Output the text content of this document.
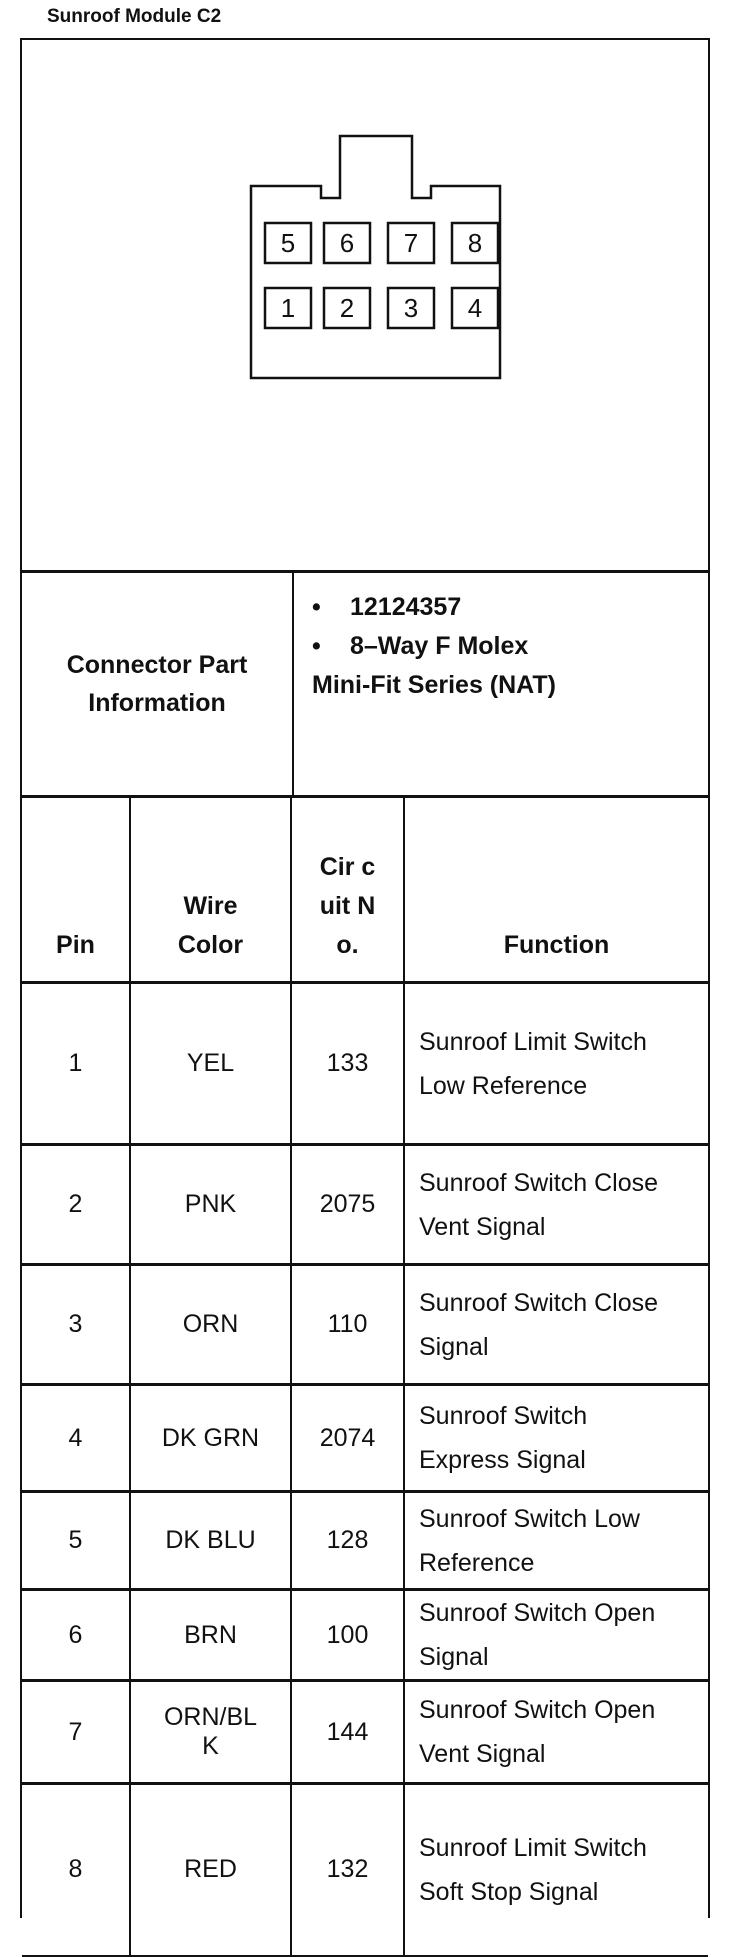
Sunroof Module C2
5 6 7 8
1 2 3 4
Connector Part Information
• 12124357
• 8–Way F Molex
Mini-Fit Series (NAT)
Pin	Wire Color	Cir cuit No.	Function
1	YEL	133	Sunroof Limit Switch Low Reference
2	PNK	2075	Sunroof Switch Close Vent Signal
3	ORN	110	Sunroof Switch Close Signal
4	DK GRN	2074	Sunroof Switch Express Signal
5	DK BLU	128	Sunroof Switch Low Reference
6	BRN	100	Sunroof Switch Open Signal
7	ORN/BLK	144	Sunroof Switch Open Vent Signal
8	RED	132	Sunroof Limit Switch Soft Stop Signal
